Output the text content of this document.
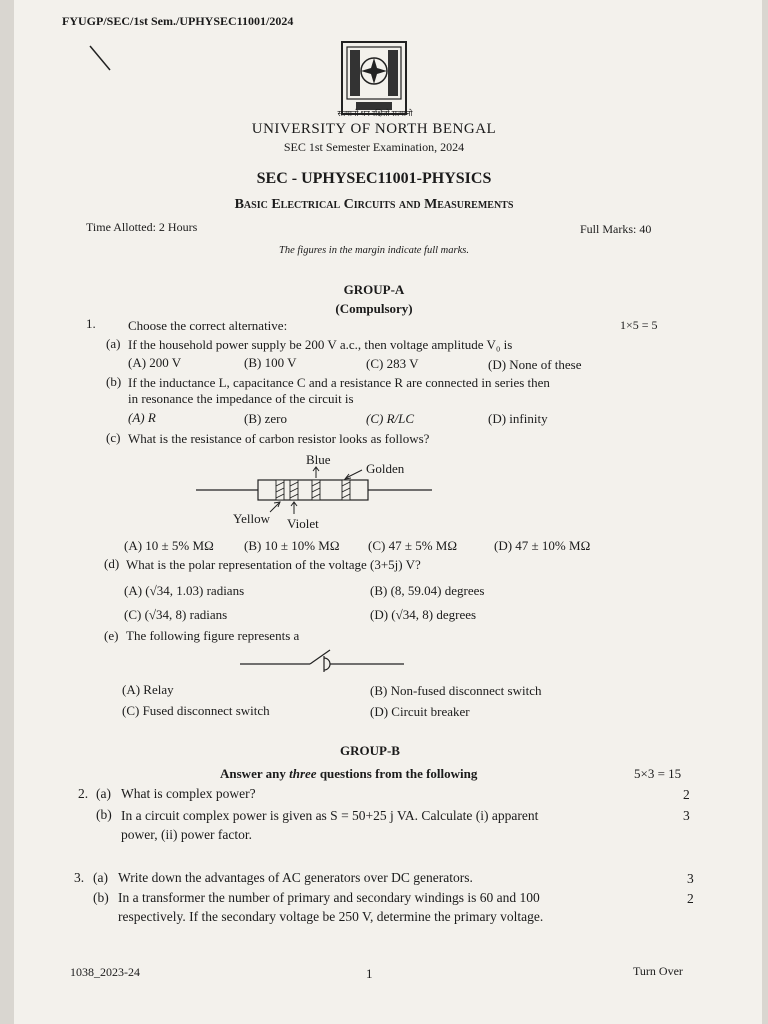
FYUGP/SEC/1st Sem./UPHYSEC11001/2024
सत्यानो धन रक्षितो सत्यानो
UNIVERSITY OF NORTH BENGAL
SEC 1st Semester Examination, 2024
SEC - UPHYSEC11001-PHYSICS
Basic Electrical Circuits and Measurements
Time Allotted: 2 Hours	Full Marks: 40
The figures in the margin indicate full marks.
GROUP-A
(Compulsory)
1. Choose the correct alternative:	1×5 = 5
(a) If the household power supply be 200 V a.c., then voltage amplitude V₀ is
(A) 200 V	(B) 100 V	(C) 283 V	(D) None of these
(b) If the inductance L, capacitance C and a resistance R are connected in series then
in resonance the impedance of the circuit is
(A) R	(B) zero	(C) R/LC	(D) infinity
(c) What is the resistance of carbon resistor looks as follows?
Blue
Golden
Yellow Violet
(A) 10 ± 5% MΩ (B) 10 ± 10% MΩ (C) 47 ± 5% MΩ	(D) 47 ± 10% MΩ
(d) What is the polar representation of the voltage (3+5j) V?
(A) (√34, 1.03) radians	(B) (8, 59.04) degrees
(C) (√34, 8) radians	(D) (√34, 8) degrees
(e) The following figure represents a
(A) Relay	(B) Non-fused disconnect switch
(C) Fused disconnect switch	(D) Circuit breaker
GROUP-B
Answer any three questions from the following	5×3 = 15
2. (a) What is complex power?	2
(b) In a circuit complex power is given as S = 50+25 j VA. Calculate (i) apparent
power, (ii) power factor.
3
3. (a) Write down the advantages of AC generators over DC generators.	3
(b) In a transformer the number of primary and secondary windings is 60 and 100
respectively. If the secondary voltage be 250 V, determine the primary voltage.
2
1038_2023-24	1	Turn Over
